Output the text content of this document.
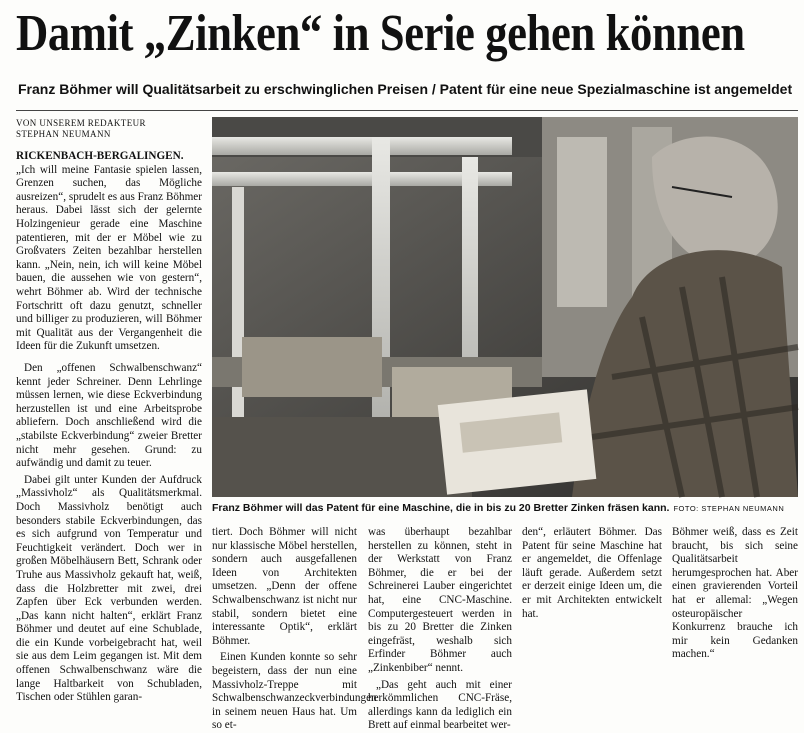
Damit „Zinken“ in Serie gehen können
Franz Böhmer will Qualitätsarbeit zu erschwinglichen Preisen / Patent für eine neue Spezialmaschine ist angemeldet
VON UNSEREM REDAKTEUR
STEPHAN NEUMANN

RICKENBACH-BERGALINGEN. „Ich will meine Fantasie spielen lassen, Grenzen suchen, das Mögliche ausreizen“, sprudelt es aus Franz Böhmer heraus. Dabei lässt sich der gelernte Holzingenieur gerade eine Maschine patentieren, mit der er Möbel wie zu Großvaters Zeiten bezahlbar herstellen kann. „Nein, nein, ich will keine Möbel bauen, die aussehen wie von gestern“, wehrt Böhmer ab. Wird der technische Fortschritt oft dazu genutzt, schneller und billiger zu produzieren, will Böhmer mit Qualität aus der Vergangenheit die Ideen für die Zukunft umsetzen.

Den „offenen Schwalbenschwanz“ kennt jeder Schreiner. Denn Lehrlinge müssen lernen, wie diese Eckverbindung herzustellen ist und eine Arbeitsprobe abliefern. Doch anschließend wird die „stabilste Eckverbindung“ zweier Bretter nicht mehr gesehen. Grund: zu aufwändig und damit zu teuer.

Dabei gilt unter Kunden der Aufdruck „Massivholz“ als Qualitätsmerkmal. Doch Massivholz benötigt auch besonders stabile Eckverbindungen, das es sich aufgrund von Temperatur und Feuchtigkeit verändert. Doch wer in großen Möbelhäusern Bett, Schrank oder Truhe aus Massivholz gekauft hat, weiß, dass die Holzbretter mit zwei, drei Zapfen über Eck verbunden werden. „Das kann nicht halten“, erklärt Franz Böhmer und deutet auf eine Schublade, die ein Kunde vorbeigebracht hat, weil sie aus dem Leim gegangen ist. Mit dem offenen Schwalbenschwanz wäre die lange Haltbarkeit von Schubladen, Tischen oder Stühlen garan-

Franz Böhmer will das Patent für eine Maschine, die in bis zu 20 Bretter Zinken fräsen kann. FOTO: STEPHAN NEUMANN

tiert. Doch Böhmer will nicht nur klassische Möbel herstellen, sondern auch ausgefallenen Ideen von Architekten umsetzen. „Denn der offene Schwalbenschwanz ist nicht nur stabil, sondern bietet eine interessante Optik“, erklärt Böhmer.

Einen Kunden konnte so sehr begeistern, dass der nun eine Massivholz-Treppe mit Schwalbenschwanzeckverbindungen in seinem neuen Haus hat. Um so et-

was überhaupt bezahlbar herstellen zu können, steht in der Werkstatt von Franz Böhmer, die er bei der Schreinerei Lauber eingerichtet hat, eine CNC-Maschine. Computergesteuert werden in bis zu 20 Bretter die Zinken eingefräst, weshalb sich Erfinder Böhmer auch „Zinkenbiber“ nennt.

„Das geht auch mit einer herkömmlichen CNC-Fräse, allerdings kann da lediglich ein Brett auf einmal bearbeitet wer-

den“, erläutert Böhmer. Das Patent für seine Maschine hat er angemeldet, die Offenlage läuft gerade. Außerdem setzt er derzeit einige Ideen um, die er mit Architekten entwickelt hat.

Böhmer weiß, dass es Zeit braucht, bis sich seine Qualitätsarbeit herumgesprochen hat. Aber einen gravierenden Vorteil hat er allemal: „Wegen osteuropäischer Konkurrenz brauche ich mir kein Gedanken machen.“
